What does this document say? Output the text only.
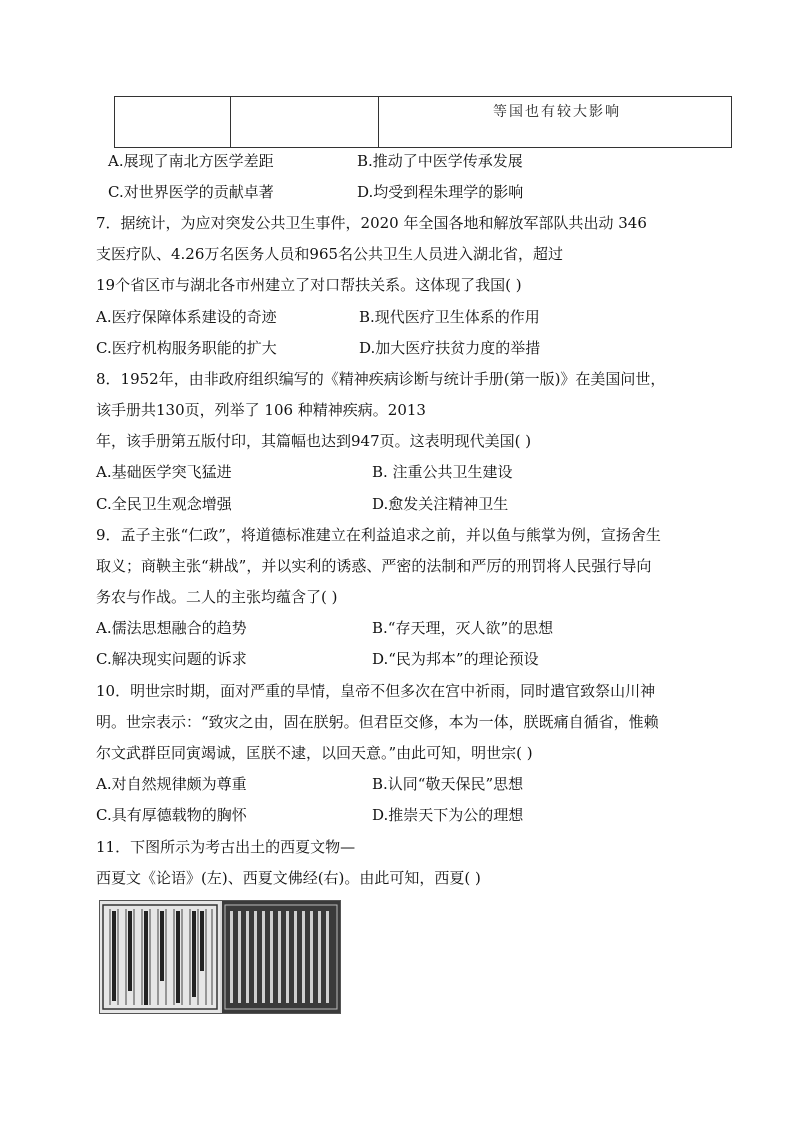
等国也有较大影响
A.展现了南北方医学差距	B.推动了中医学传承发展
C.对世界医学的贡献卓著	D.均受到程朱理学的影响
7．据统计，为应对突发公共卫生事件，2020 年全国各地和解放军部队共出动 346
支医疗队、4.26万名医务人员和965名公共卫生人员进入湖北省，超过
19个省区市与湖北各市州建立了对口帮扶关系。这体现了我国( )
A.医疗保障体系建设的奇迹	B.现代医疗卫生体系的作用
C.医疗机构服务职能的扩大	D.加大医疗扶贫力度的举措
8．1952年，由非政府组织编写的《精神疾病诊断与统计手册(第一版)》在美国问世，
该手册共130页，列举了 106 种精神疾病。2013
年，该手册第五版付印，其篇幅也达到947页。这表明现代美国( )
A.基础医学突飞猛进	B. 注重公共卫生建设
C.全民卫生观念增强	D.愈发关注精神卫生
9．孟子主张“仁政”，将道德标准建立在利益追求之前，并以鱼与熊掌为例，宣扬舍生
取义；商鞅主张“耕战”，并以实利的诱惑、严密的法制和严厉的刑罚将人民强行导向
务农与作战。二人的主张均蕴含了( )
A.儒法思想融合的趋势	B.“存天理，灭人欲”的思想
C.解决现实问题的诉求	D.“民为邦本”的理论预设
10．明世宗时期，面对严重的旱情，皇帝不但多次在宫中祈雨，同时遣官致祭山川神
明。世宗表示：“致灾之由，固在朕躬。但君臣交修，本为一体，朕既痛自循省，惟赖
尔文武群臣同寅竭诚，匡朕不逮，以回天意。”由此可知，明世宗( )
A.对自然规律颇为尊重	B.认同“敬天保民”思想
C.具有厚德载物的胸怀	D.推崇天下为公的理想
11．下图所示为考古出土的西夏文物—
西夏文《论语》(左)、西夏文佛经(右)。由此可知，西夏( )
